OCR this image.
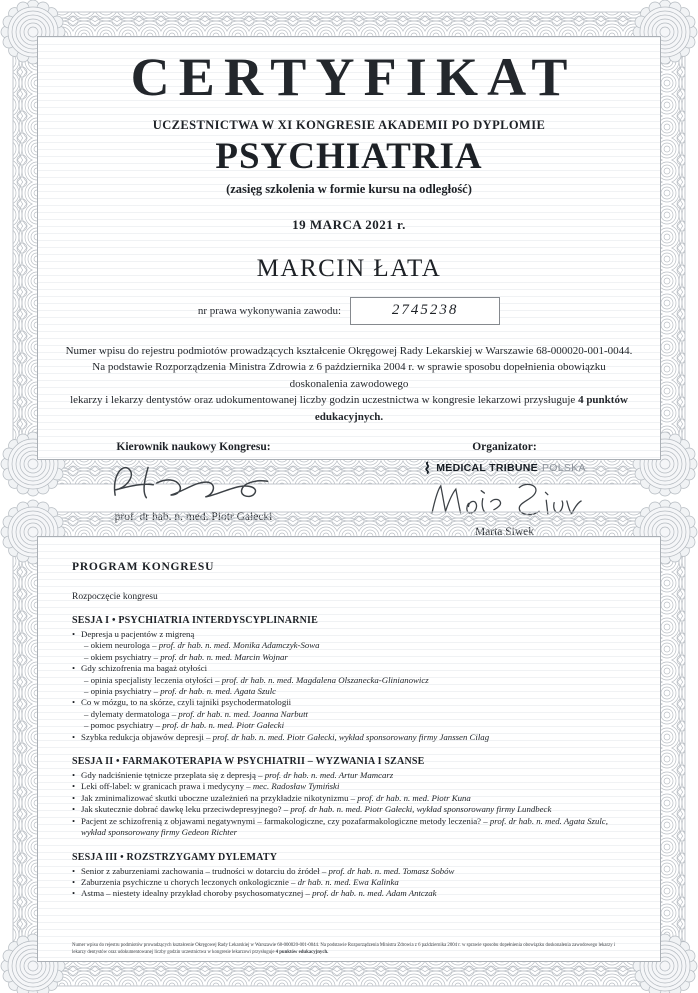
CERTYFIKAT
UCZESTNICTWA W XI KONGRESIE AKADEMII PO DYPLOMIE
PSYCHIATRIA
(zasięg szkolenia w formie kursu na odległość)
19 MARCA 2021 r.
MARCIN ŁATA
nr prawa wykonywania zawodu:	2745238
Numer wpisu do rejestru podmiotów prowadzących kształcenie Okręgowej Rady Lekarskiej w Warszawie 68-000020-001-0044.
Na podstawie Rozporządzenia Ministra Zdrowia z 6 października 2004 r. w sprawie sposobu dopełnienia obowiązku doskonalenia zawodowego
lekarzy i lekarzy dentystów oraz udokumentowanej liczby godzin uczestnictwa w kongresie lekarzowi przysługuje 4 punktów edukacyjnych.
Kierownik naukowy Kongresu:	Organizator:
MEDICAL TRIBUNE POLSKA
PROGRAM KONGRESU
Rozpoczęcie kongresu
SESJA I • PSYCHIATRIA INTERDYSCYPLINARNIE
• Depresja u pacjentów z migreną
– okiem neurologa – prof. dr hab. n. med. Monika Adamczyk-Sowa
– okiem psychiatry – prof. dr hab. n. med. Marcin Wojnar
• Gdy schizofrenia ma bagaż otyłości
– opinia specjalisty leczenia otyłości – prof. dr hab. n. med. Magdalena Olszanecka-Glinianowicz
– opinia psychiatry – prof. dr hab. n. med. Agata Szulc
• Co w mózgu, to na skórze, czyli tajniki psychodermatologii
– dylematy dermatologa – prof. dr hab. n. med. Joanna Narbutt
– pomoc psychiatry – prof. dr hab. n. med. Piotr Gałecki
• Szybka redukcja objawów depresji – prof. dr hab. n. med. Piotr Gałecki, wykład sponsorowany firmy Janssen Cilag
SESJA II • FARMAKOTERAPIA W PSYCHIATRII – WYZWANIA I SZANSE
• Gdy nadciśnienie tętnicze przeplata się z depresją – prof. dr hab. n. med. Artur Mamcarz
• Leki off-label: w granicach prawa i medycyny – mec. Radosław Tymiński
• Jak zminimalizować skutki uboczne uzależnień na przykładzie nikotynizmu – prof. dr hab. n. med. Piotr Kuna
• Jak skutecznie dobrać dawkę leku przeciwdepresyjnego? – prof. dr hab. n. med. Piotr Gałecki, wykład sponsorowany firmy Lundbeck
• Pacjent ze schizofrenią z objawami negatywnymi – farmakologiczne, czy pozafarmakologiczne metody leczenia? – prof. dr hab. n. med. Agata Szulc, wykład sponsorowany firmy Gedeon Richter
SESJA III • ROZSTRZYGAMY DYLEMATY
• Senior z zaburzeniami zachowania – trudności w dotarciu do źródeł – prof. dr hab. n. med. Tomasz Sobów
• Zaburzenia psychiczne u chorych leczonych onkologicznie – dr hab. n. med. Ewa Kalinka
• Astma – niestety idealny przykład choroby psychosomatycznej – prof. dr hab. n. med. Adam Antczak
Numer wpisu do rejestru podmiotów prowadzących kształcenie Okręgowej Rady Lekarskiej w Warszawie 68-000020-001-0044. Na podstawie Rozporządzenia Ministra Zdrowia z 6 października 2004 r. w sprawie sposobu dopełnienia obowiązku doskonalenia zawodowego lekarzy i lekarzy dentystów oraz udokumentowanej liczby godzin uczestnictwa w kongresie lekarzowi przysługuje 4 punktów edukacyjnych.
